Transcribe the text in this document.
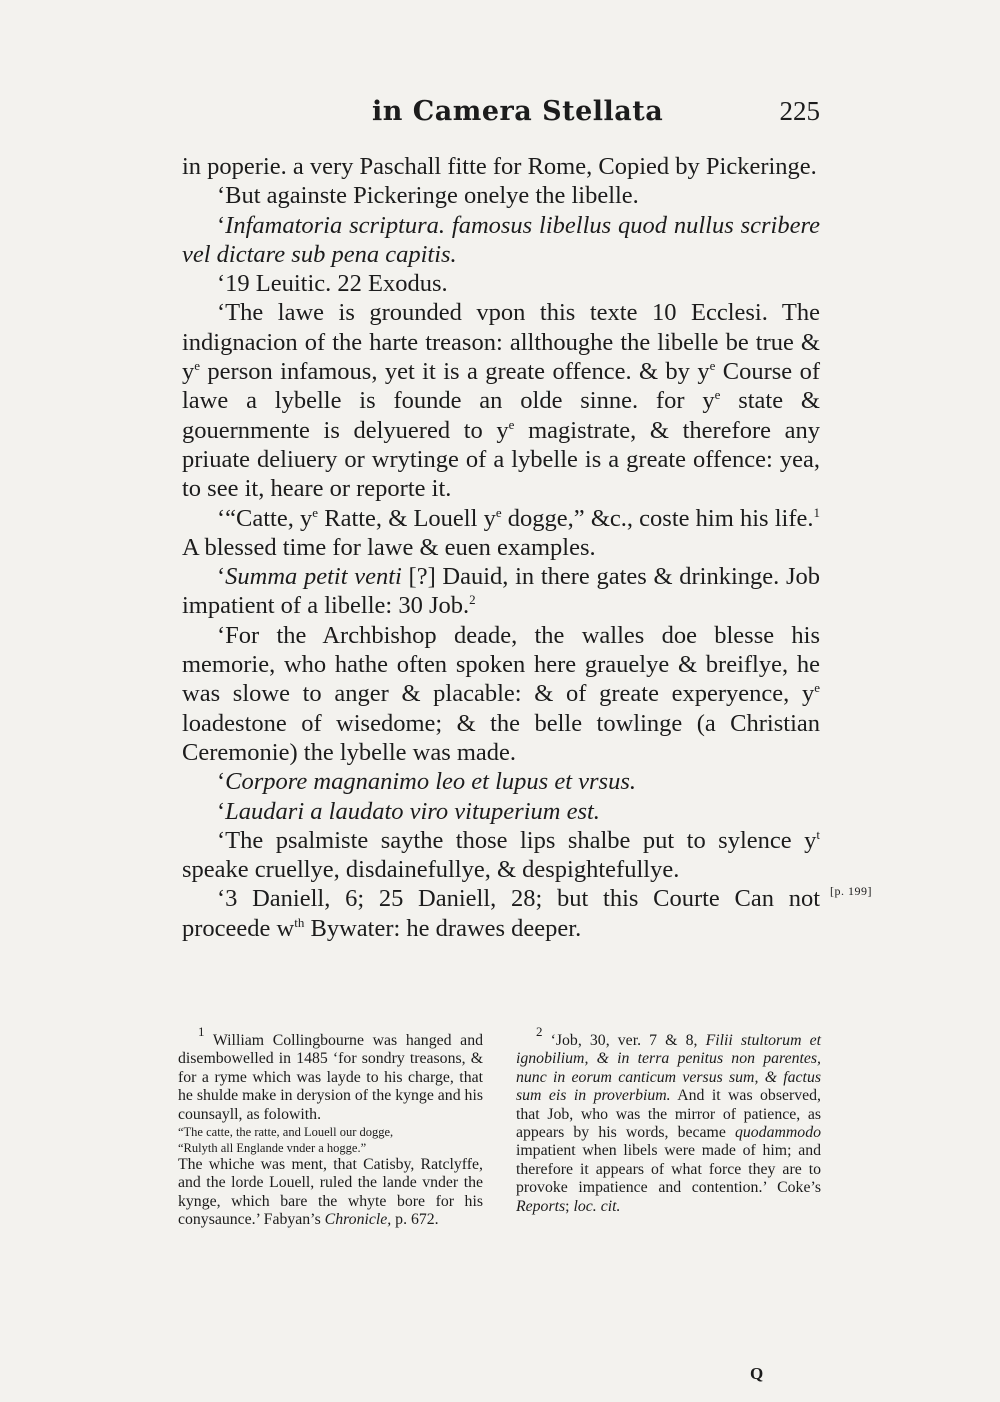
in Camera Stellata	225

in poperie. a very Paschall fitte for Rome, Copied by Pickeringe.

‘But againste Pickeringe onelye the libelle.

‘Infamatoria scriptura. famosus libellus quod nullus scribere vel dictare sub pena capitis.

‘19 Leuitic. 22 Exodus.

‘The lawe is grounded vpon this texte 10 Ecclesi. The indignacion of the harte treason: allthoughe the libelle be true & $y^e$ person infamous, yet it is a greate offence. & by $y^e$ Course of lawe a lybelle is founde an olde sinne. for $y^e$ state & gouernmente is delyuered to $y^e$ magistrate, & therefore any priuate deliuery or wrytinge of a lybelle is a greate offence: yea, to see it, heare or reporte it.

‘“Catte, $y^e$ Ratte, & Louell $y^e$ dogge,” &c., coste him his life.$^1$ A blessed time for lawe & euen examples.

‘Summa petit venti [?] Dauid, in there gates & drinkinge. Job impatient of a libelle: 30 Job.$^2$

‘For the Archbishop deade, the walles doe blesse his memorie, who hathe often spoken here grauelye & breiflye, he was slowe to anger & placable: & of greate experyence, $y^e$ loadestone of wisedome; & the belle towlinge (a Christian Ceremonie) the lybelle was made.

‘Corpore magnanimo leo et lupus et vrsus.

‘Laudari a laudato viro vituperium est.

‘The psalmiste saythe those lips shalbe put to sylence $y^t$ speake cruellye, disdainefullye, & despightefullye.

‘3 Daniell, 6; 25 Daniell, 28; but this Courte Can not proceede $w^{th}$ Bywater: he drawes deeper.

[p. 199]

$^1$ William Collingbourne was hanged and disembowelled in 1485 ‘for sondry treasons, & for a ryme which was layde to his charge, that he shulde make in derysion of the kynge and his counsayll, as folowith.

“The catte, the ratte, and Louell our dogge,

“Rulyth all Englande vnder a hogge.”

The whiche was ment, that Catisby, Ratclyffe, and the lorde Louell, ruled the lande vnder the kynge, which bare the whyte bore for his conysaunce.’ Fabyan’s Chronicle, p. 672.

$^2$ ‘Job, 30, ver. 7 & 8, Filii stultorum et ignobilium, & in terra penitus non parentes, nunc in eorum canticum versus sum, & factus sum eis in proverbium. And it was observed, that Job, who was the mirror of patience, as appears by his words, became quodammodo impatient when libels were made of him; and therefore it appears of what force they are to provoke impatience and contention.’ Coke’s Reports; loc. cit.

Q
